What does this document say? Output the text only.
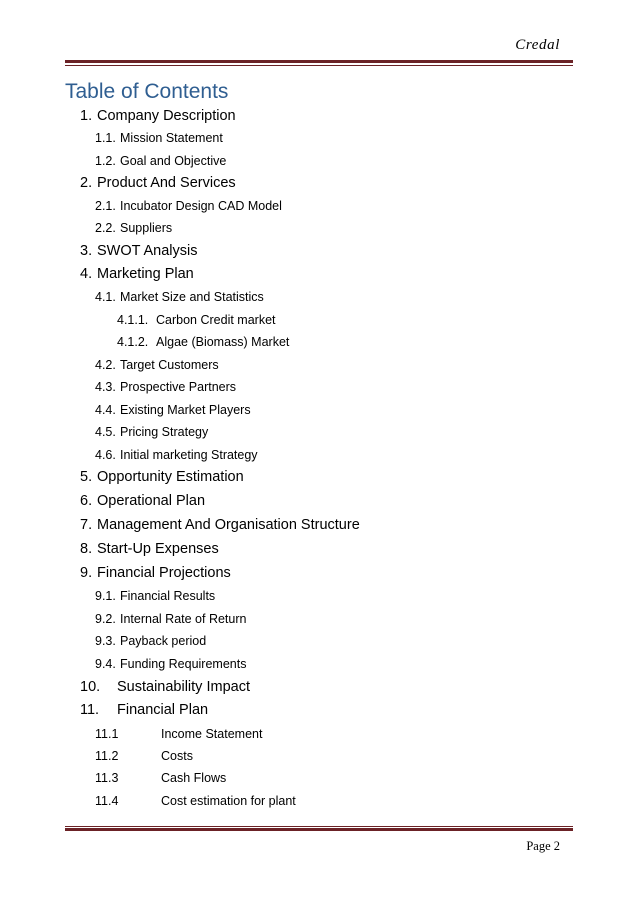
Credal
Table of Contents
1. Company Description
1.1. Mission Statement
1.2. Goal and Objective
2. Product And Services
2.1. Incubator Design CAD Model
2.2. Suppliers
3. SWOT Analysis
4. Marketing Plan
4.1. Market Size and Statistics
4.1.1. Carbon Credit market
4.1.2. Algae (Biomass) Market
4.2. Target Customers
4.3. Prospective Partners
4.4. Existing Market Players
4.5. Pricing Strategy
4.6. Initial marketing Strategy
5. Opportunity Estimation
6. Operational Plan
7. Management And Organisation Structure
8. Start-Up Expenses
9. Financial Projections
9.1. Financial Results
9.2. Internal Rate of Return
9.3. Payback period
9.4. Funding Requirements
10. Sustainability Impact
11. Financial Plan
11.1	Income Statement
11.2	Costs
11.3	Cash Flows
11.4	Cost estimation for plant
Page 2
